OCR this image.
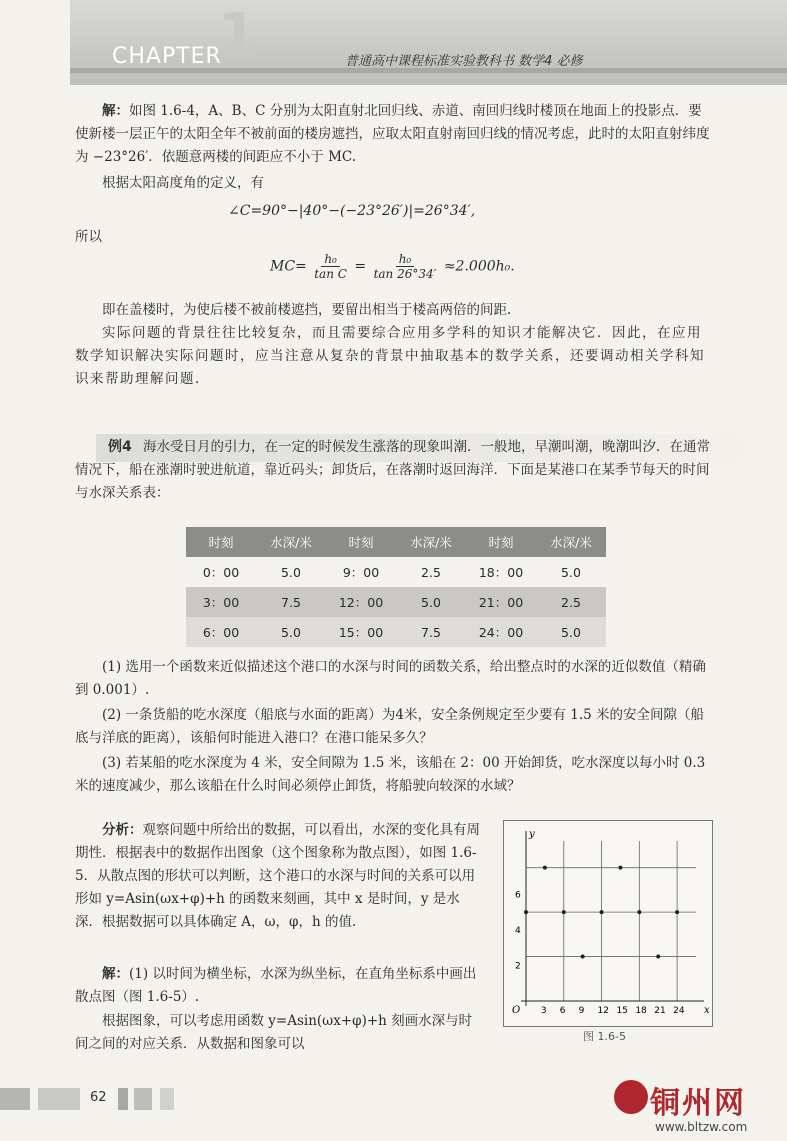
1
CHAPTER	普通高中课程标准实验教科书 数学4 必修

解：如图 1.6-4，A、B、C 分别为太阳直射北回归线、赤道、南回归线时楼顶在地面上的投影点．要使新楼一层正午的太阳全年不被前面的楼房遮挡，应取太阳直射南回归线的情况考虑，此时的太阳直射纬度为 −23°26′．依题意两楼的间距应不小于 MC.

根据太阳高度角的定义，有

∠C=90°−|40°−(−23°26′)|=26°34′,

所以

$MC= \frac{\text{h₀}}{\text{tan C}} = \frac{\text{h₀}}{\tan 26^\circ 34'} \approx 2.000h_0$.

即在盖楼时，为使后楼不被前楼遮挡，要留出相当于楼高两倍的间距.

实际问题的背景往往比较复杂，而且需要综合应用多学科的知识才能解决它．因此，在应用数学知识解决实际问题时，应当注意从复杂的背景中抽取基本的数学关系，还要调动相关学科知识来帮助理解问题.

例4 海水受日月的引力，在一定的时候发生涨落的现象叫潮．一般地，早潮叫潮，晚潮叫汐．在通常情况下，船在涨潮时驶进航道，靠近码头；卸货后，在落潮时返回海洋．下面是某港口在某季节每天的时间与水深关系表：

时刻	水深/米	时刻	水深/米	时刻	水深/米
0：00	5.0	9：00	2.5	18：00	5.0
3：00	7.5	12：00	5.0	21：00	2.5
6：00	5.0	15：00	7.5	24：00	5.0

(1) 选用一个函数来近似描述这个港口的水深与时间的函数关系，给出整点时的水深的近似数值（精确到 0.001）.

(2) 一条货船的吃水深度（船底与水面的距离）为4米，安全条例规定至少要有 1.5 米的安全间隙（船底与洋底的距离），该船何时能进入港口？在港口能呆多久？

(3) 若某船的吃水深度为 4 米，安全间隙为 1.5 米，该船在 2：00 开始卸货，吃水深度以每小时 0.3 米的速度减少，那么该船在什么时间必须停止卸货，将船驶向较深的水域？

分析：观察问题中所给出的数据，可以看出，水深的变化具有周期性．根据表中的数据作出图象（这个图象称为散点图），如图 1.6-5．从散点图的形状可以判断，这个港口的水深与时间的关系可以用形如 y=Asin(ωx+φ)+h 的函数来刻画，其中 x 是时间，y 是水深．根据数据可以具体确定 A，ω，φ，h 的值.

解：(1) 以时间为横坐标，水深为纵坐标，在直角坐标系中画出散点图（图 1.6-5）.

根据图象，可以考虑用函数 y=Asin(ωx+φ)+h 刻画水深与时间之间的对应关系．从数据和图象可以

x
y
O 3 6 9 12 15 18 21 24
2
4
6
图 1.6-5
62	铜州网
www.bltzw.com
